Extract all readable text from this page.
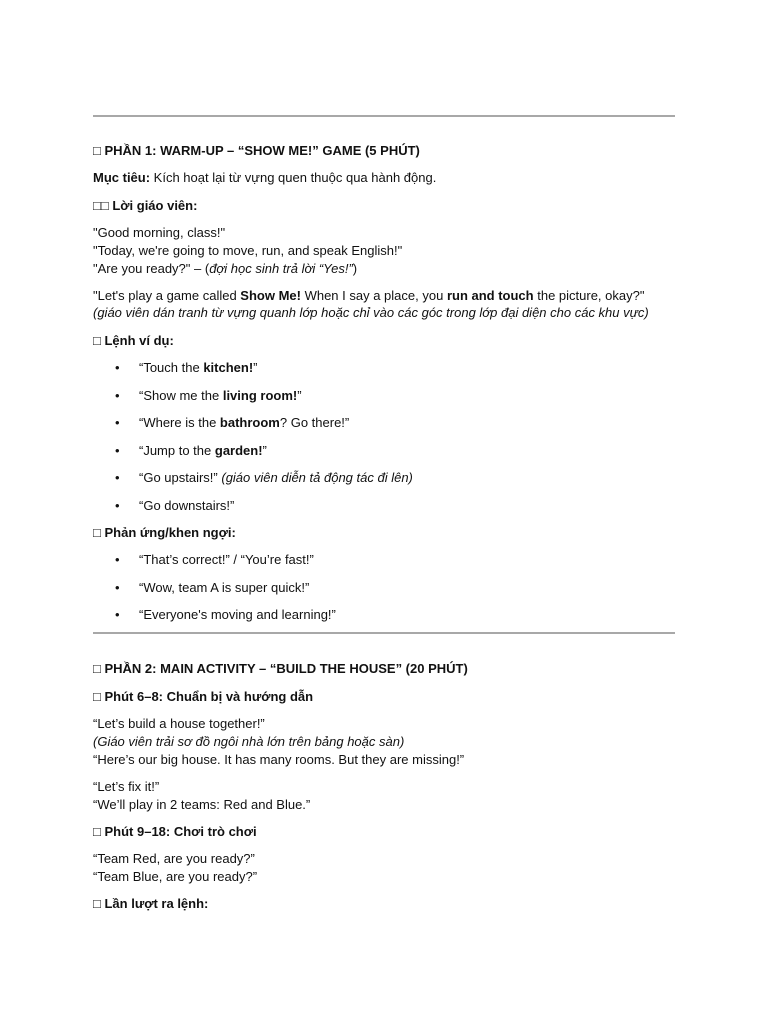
□ PHẦN 1: WARM-UP – “SHOW ME!” GAME (5 PHÚT)
Mục tiêu: Kích hoạt lại từ vựng quen thuộc qua hành động.
□□ Lời giáo viên:
"Good morning, class!"
"Today, we're going to move, run, and speak English!"
"Are you ready?" – (đợi học sinh trả lời “Yes!”)
"Let's play a game called Show Me! When I say a place, you run and touch the picture, okay?"
(giáo viên dán tranh từ vựng quanh lớp hoặc chỉ vào các góc trong lớp đại diện cho các khu vực)
□ Lệnh ví dụ:
• “Touch the kitchen!”
• “Show me the living room!”
• “Where is the bathroom? Go there!”
• “Jump to the garden!”
• “Go upstairs!” (giáo viên diễn tả động tác đi lên)
• “Go downstairs!”
□ Phản ứng/khen ngợi:
• “That’s correct!” / “You’re fast!”
• “Wow, team A is super quick!”
• “Everyone's moving and learning!”
□ PHẦN 2: MAIN ACTIVITY – “BUILD THE HOUSE” (20 PHÚT)
□ Phút 6–8: Chuẩn bị và hướng dẫn
“Let’s build a house together!”
(Giáo viên trải sơ đồ ngôi nhà lớn trên bảng hoặc sàn)
“Here’s our big house. It has many rooms. But they are missing!”
“Let’s fix it!”
“We’ll play in 2 teams: Red and Blue.”
□ Phút 9–18: Chơi trò chơi
“Team Red, are you ready?”
“Team Blue, are you ready?”
□ Lần lượt ra lệnh:
